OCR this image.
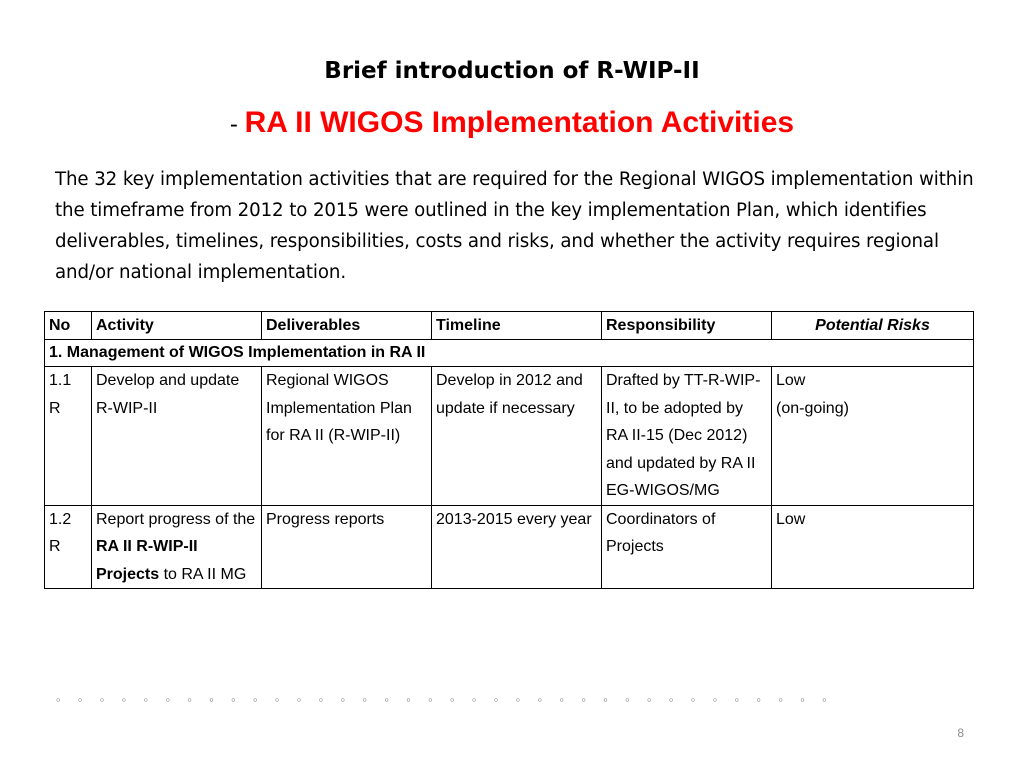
Brief introduction of R-WIP-II
- RA II WIGOS Implementation Activities
The 32 key implementation activities that are required for the Regional WIGOS implementation within the timeframe from 2012 to 2015 were outlined in the key implementation Plan, which identifies deliverables, timelines, responsibilities, costs and risks, and whether the activity requires regional and/or national implementation.
No	Activity	Deliverables	Timeline	Responsibility	Potential Risks
1. Management of WIGOS Implementation in RA II					
1.1 R	Develop and update R-WIP-II	Regional WIGOS Implementation Plan for RA II (R-WIP-II)	Develop in 2012 and update if necessary	Drafted by TT-R-WIP-II, to be adopted by RA II-15 (Dec 2012) and updated by RA II EG-WIGOS/MG	Low
(on-going)

1.2 R	Report progress of the RA II R-WIP-II Projects to RA II MG	Progress reports	2013-2015 every year	Coordinators of Projects	Low
◦◦◦◦◦◦◦◦◦◦◦◦◦◦◦◦◦◦◦◦◦◦◦◦◦◦◦◦◦◦◦◦◦◦◦◦
8
